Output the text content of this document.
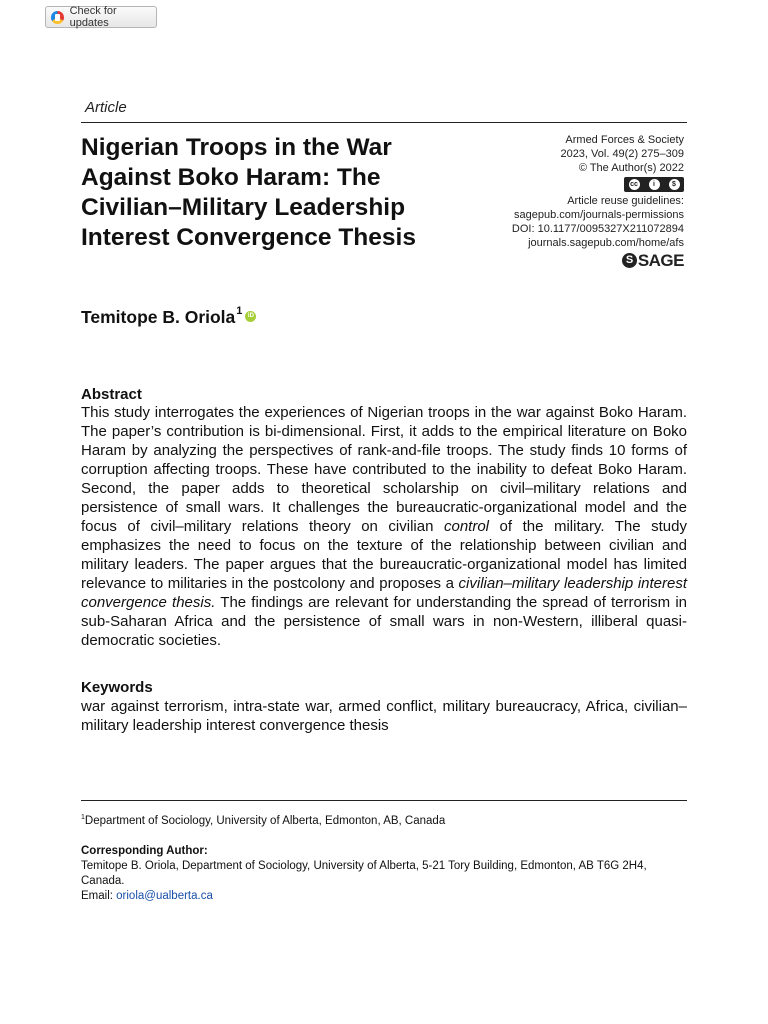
Check for updates
Article
Nigerian Troops in the War
Against Boko Haram: The
Civilian–Military Leadership
Interest Convergence Thesis
Armed Forces & Society
2023, Vol. 49(2) 275–309
© The Author(s) 2022
cc	i	$
Article reuse guidelines:
sagepub.com/journals-permissions
DOI: 10.1177/0095327X211072894
journals.sagepub.com/home/afs
S SAGE
Temitope B. Oriola$^1$ iD
Abstract

This study interrogates the experiences of Nigerian troops in the war against Boko Haram. The paper’s contribution is bi-dimensional. First, it adds to the empirical literature on Boko Haram by analyzing the perspectives of rank-and-file troops. The study finds 10 forms of corruption affecting troops. These have contributed to the inability to defeat Boko Haram. Second, the paper adds to theoretical scholarship on civil–military relations and persistence of small wars. It challenges the bureaucratic-organizational model and the focus of civil–military relations theory on civilian control of the military. The study emphasizes the need to focus on the texture of the relationship between civilian and military leaders. The paper argues that the bureaucratic-organizational model has limited relevance to militaries in the postcolony and proposes a civilian–military leadership interest convergence thesis. The findings are relevant for understanding the spread of terrorism in sub-Saharan Africa and the persistence of small wars in non-Western, illiberal quasi-democratic societies.

Keywords

war against terrorism, intra-state war, armed conflict, military bureaucracy, Africa, civilian–military leadership interest convergence thesis

$^1$Department of Sociology, University of Alberta, Edmonton, AB, Canada
Corresponding Author:
Temitope B. Oriola, Department of Sociology, University of Alberta, 5-21 Tory Building, Edmonton, AB T6G 2H4, Canada.
Email: oriola@ualberta.ca
